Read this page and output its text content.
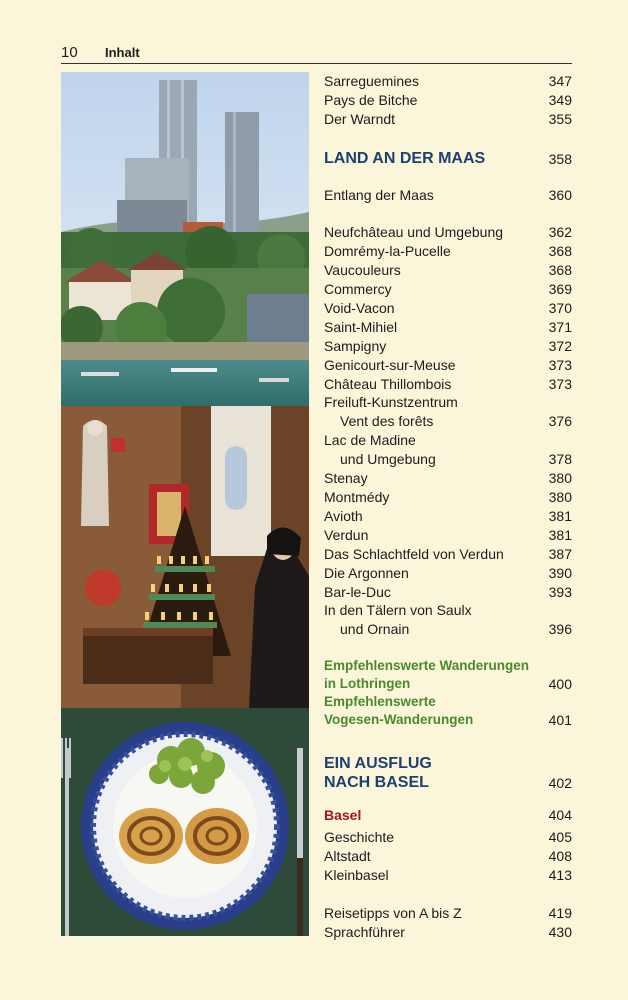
10 Inhalt
Sarreguemines	347
Pays de Bitche	349
Der Warndt	355
LAND AN DER MAAS	358
Entlang der Maas	360
Neufchâteau und Umgebung	362
Domrémy-la-Pucelle	368
Vaucouleurs	368
Commercy	369
Void-Vacon	370
Saint-Mihiel	371
Sampigny	372
Genicourt-sur-Meuse	373
Château Thillombois	373
Freiluft-Kunstzentrum
Vent des forêts	376
Lac de Madine
und Umgebung	378
Stenay	380
Montmédy	380
Avioth	381
Verdun	381
Das Schlachtfeld von Verdun	387
Die Argonnen	390
Bar-le-Duc	393
In den Tälern von Saulx
und Ornain	396
Empfehlenswerte Wanderungen
in Lothringen	400
Empfehlenswerte
Vogesen-Wanderungen	401
EIN AUSFLUG
NACH BASEL	402
Basel	404
Geschichte	405
Altstadt	408
Kleinbasel	413
Reisetipps von A bis Z	419
Sprachführer	430
